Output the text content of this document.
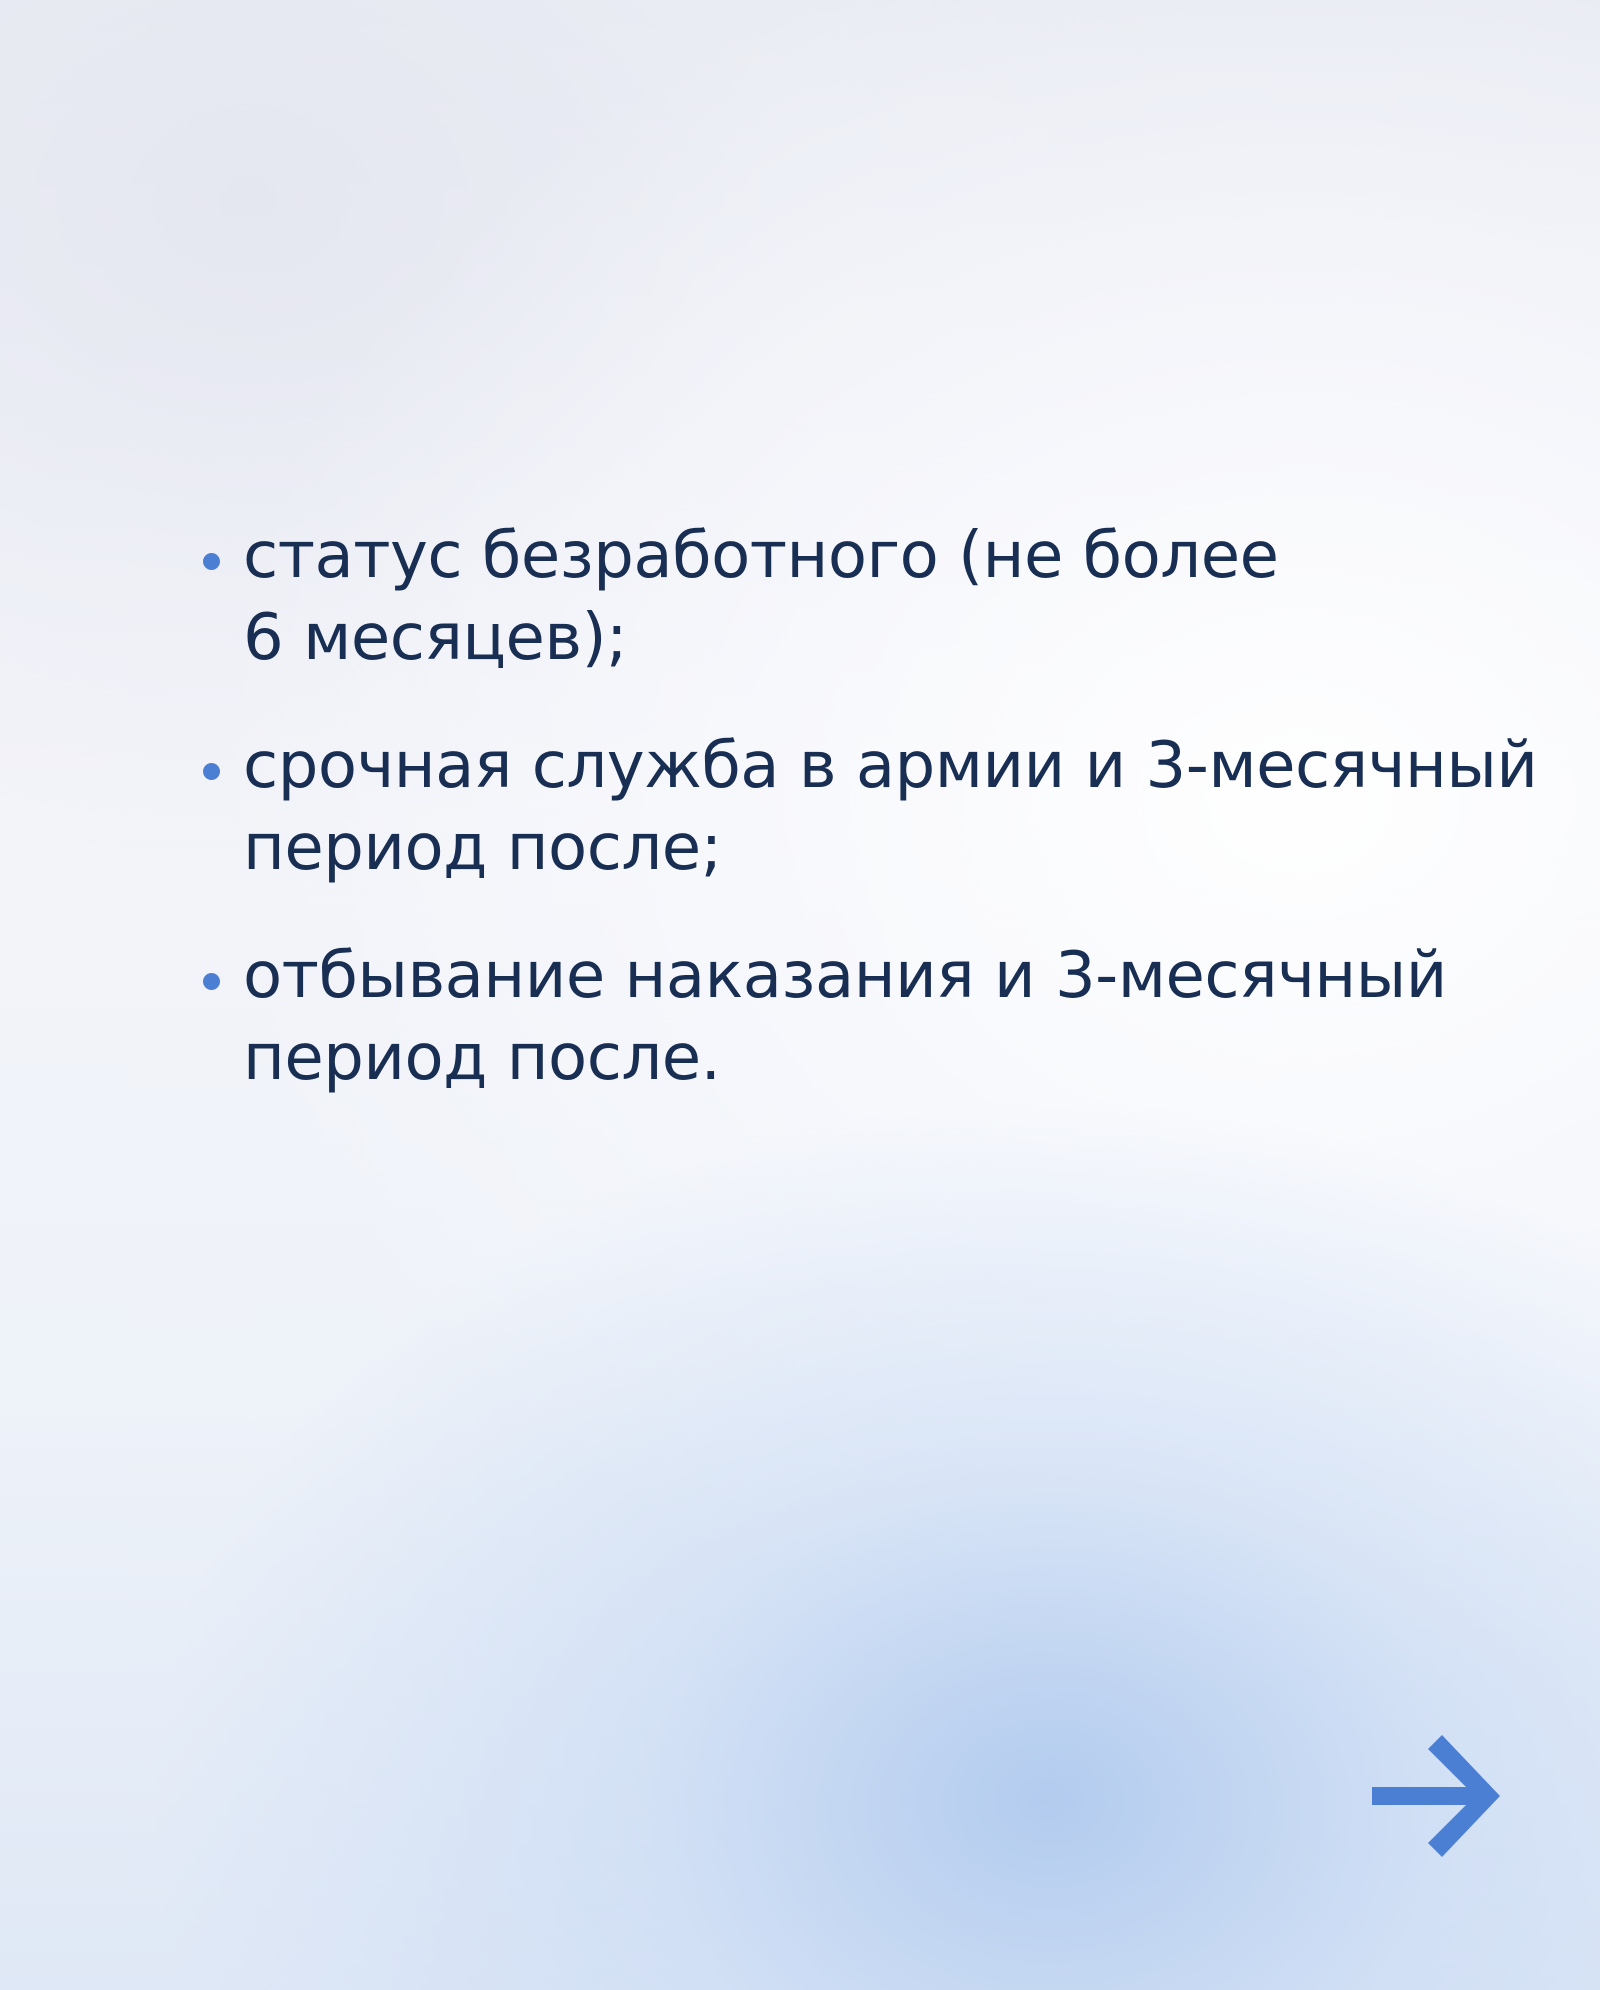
статус безработного (не более
6 месяцев);
срочная служба в армии и 3-месячный
период после;
отбывание наказания и 3-месячный
период после.
